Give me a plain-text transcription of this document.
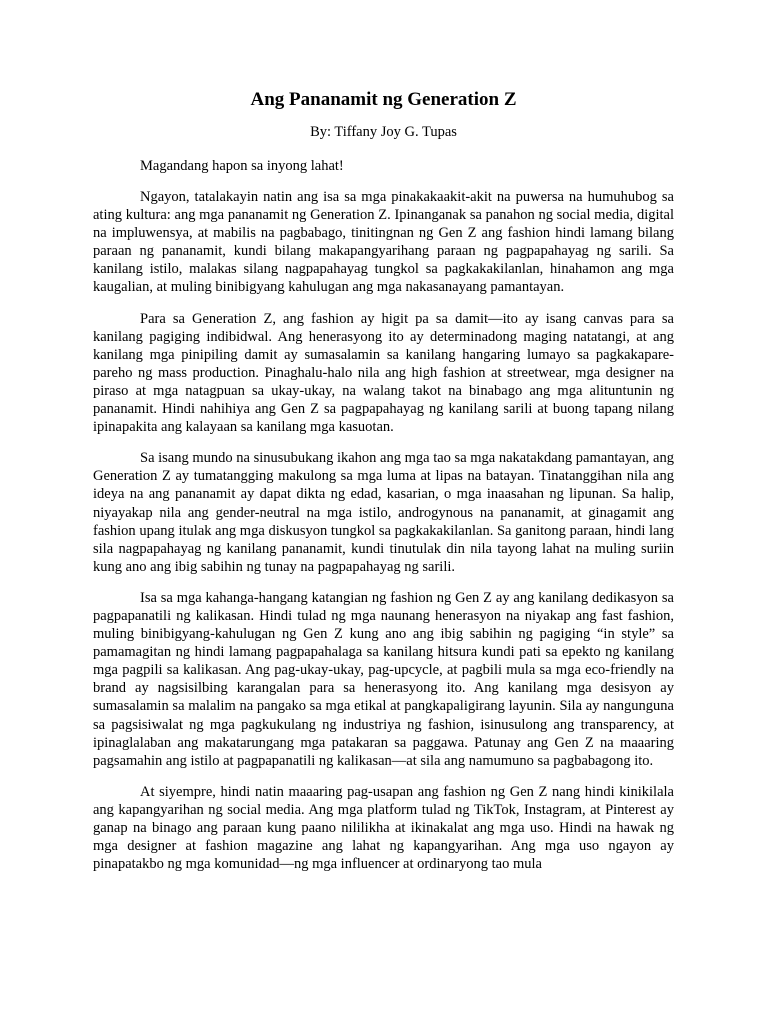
Ang Pananamit ng Generation Z

By: Tiffany Joy G. Tupas

Magandang hapon sa inyong lahat!

Ngayon, tatalakayin natin ang isa sa mga pinakakaakit-akit na puwersa na humuhubog sa ating kultura: ang mga pananamit ng Generation Z. Ipinanganak sa panahon ng social media, digital na impluwensya, at mabilis na pagbabago, tinitingnan ng Gen Z ang fashion hindi lamang bilang paraan ng pananamit, kundi bilang makapangyarihang paraan ng pagpapahayag ng sarili. Sa kanilang istilo, malakas silang nagpapahayag tungkol sa pagkakakilanlan, hinahamon ang mga kaugalian, at muling binibigyang kahulugan ang mga nakasanayang pamantayan.

Para sa Generation Z, ang fashion ay higit pa sa damit—ito ay isang canvas para sa kanilang pagiging indibidwal. Ang henerasyong ito ay determinadong maging natatangi, at ang kanilang mga pinipiling damit ay sumasalamin sa kanilang hangaring lumayo sa pagkakapare-pareho ng mass production. Pinaghalu-halo nila ang high fashion at streetwear, mga designer na piraso at mga natagpuan sa ukay-ukay, na walang takot na binabago ang mga alituntunin ng pananamit. Hindi nahihiya ang Gen Z sa pagpapahayag ng kanilang sarili at buong tapang nilang ipinapakita ang kalayaan sa kanilang mga kasuotan.

Sa isang mundo na sinusubukang ikahon ang mga tao sa mga nakatakdang pamantayan, ang Generation Z ay tumatangging makulong sa mga luma at lipas na batayan. Tinatanggihan nila ang ideya na ang pananamit ay dapat dikta ng edad, kasarian, o mga inaasahan ng lipunan. Sa halip, niyayakap nila ang gender-neutral na mga istilo, androgynous na pananamit, at ginagamit ang fashion upang itulak ang mga diskusyon tungkol sa pagkakakilanlan. Sa ganitong paraan, hindi lang sila nagpapahayag ng kanilang pananamit, kundi tinutulak din nila tayong lahat na muling suriin kung ano ang ibig sabihin ng tunay na pagpapahayag ng sarili.

Isa sa mga kahanga-hangang katangian ng fashion ng Gen Z ay ang kanilang dedikasyon sa pagpapanatili ng kalikasan. Hindi tulad ng mga naunang henerasyon na niyakap ang fast fashion, muling binibigyang-kahulugan ng Gen Z kung ano ang ibig sabihin ng pagiging “in style” sa pamamagitan ng hindi lamang pagpapahalaga sa kanilang hitsura kundi pati sa epekto ng kanilang mga pagpili sa kalikasan. Ang pag-ukay-ukay, pag-upcycle, at pagbili mula sa mga eco-friendly na brand ay nagsisilbing karangalan para sa henerasyong ito. Ang kanilang mga desisyon ay sumasalamin sa malalim na pangako sa mga etikal at pangkapaligirang layunin. Sila ay nangunguna sa pagsisiwalat ng mga pagkukulang ng industriya ng fashion, isinusulong ang transparency, at ipinaglalaban ang makatarungang mga patakaran sa paggawa. Patunay ang Gen Z na maaaring pagsamahin ang istilo at pagpapanatili ng kalikasan—at sila ang namumuno sa pagbabagong ito.

At siyempre, hindi natin maaaring pag-usapan ang fashion ng Gen Z nang hindi kinikilala ang kapangyarihan ng social media. Ang mga platform tulad ng TikTok, Instagram, at Pinterest ay ganap na binago ang paraan kung paano nililikha at ikinakalat ang mga uso. Hindi na hawak ng mga designer at fashion magazine ang lahat ng kapangyarihan. Ang mga uso ngayon ay pinapatakbo ng mga komunidad—ng mga influencer at ordinaryong tao mula
